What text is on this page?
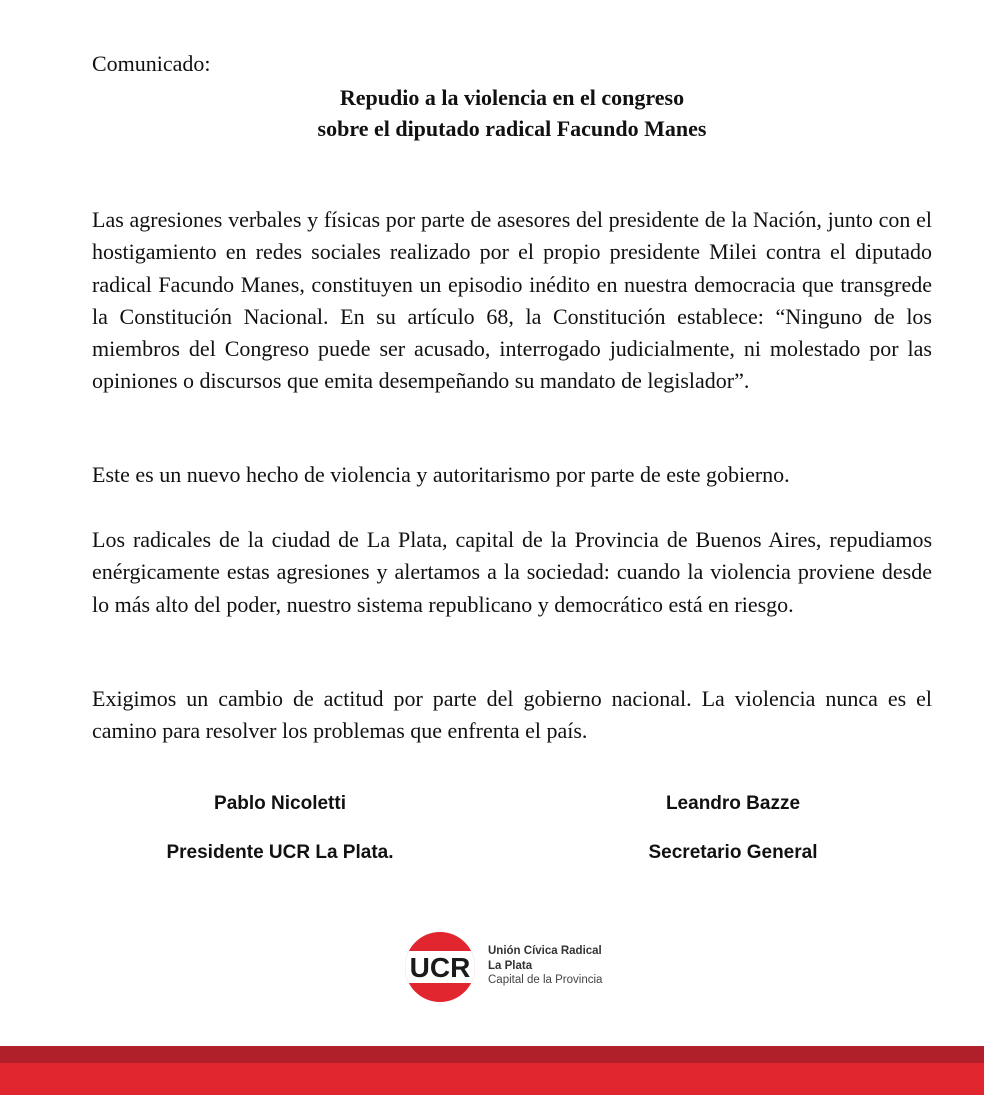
Comunicado:
Repudio a la violencia en el congreso
sobre el diputado radical Facundo Manes
Las agresiones verbales y físicas por parte de asesores del presidente de la Nación, junto con el hostigamiento en redes sociales realizado por el propio presidente Milei contra el diputado radical Facundo Manes, constituyen un episodio inédito en nuestra democracia que transgrede la Constitución Nacional. En su artículo 68, la Constitución establece: “Ninguno de los miembros del Congreso puede ser acusado, interrogado judicialmente, ni molestado por las opiniones o discursos que emita desempeñando su mandato de legislador”.
Este es un nuevo hecho de violencia y autoritarismo por parte de este gobierno.
Los radicales de la ciudad de La Plata, capital de la Provincia de Buenos Aires, repudiamos enérgicamente estas agresiones y alertamos a la sociedad: cuando la violencia proviene desde lo más alto del poder, nuestro sistema republicano y democrático está en riesgo.
Exigimos un cambio de actitud por parte del gobierno nacional. La violencia nunca es el camino para resolver los problemas que enfrenta el país.
Pablo Nicoletti
Presidente UCR La Plata.
Leandro Bazze
Secretario General
UCR
Unión Cívica Radical
La Plata
Capital de la Provincia
